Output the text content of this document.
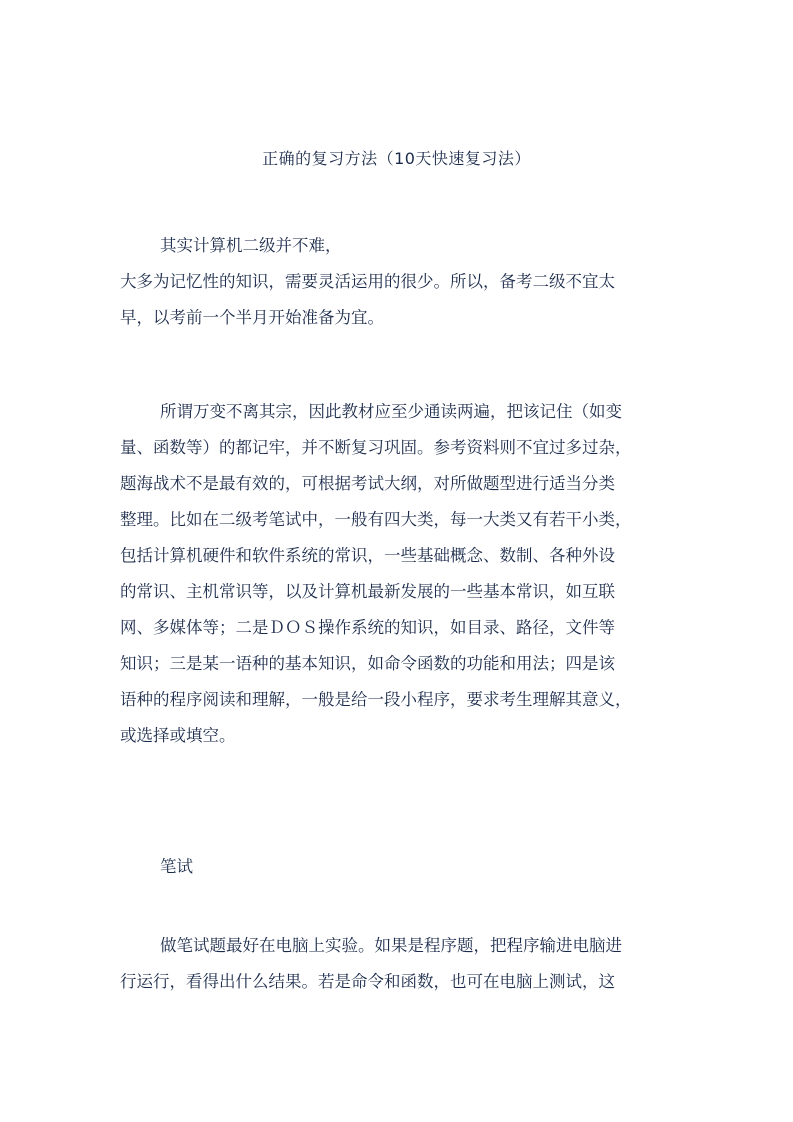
正确的复习方法（10天快速复习法）
其实计算机二级并不难，
大多为记忆性的知识，需要灵活运用的很少。所以，备考二级不宜太
早，以考前一个半月开始准备为宜。
所谓万变不离其宗，因此教材应至少通读两遍，把该记住（如变
量、函数等）的都记牢，并不断复习巩固。参考资料则不宜过多过杂，
题海战术不是最有效的，可根据考试大纲，对所做题型进行适当分类
整理。比如在二级考笔试中，一般有四大类，每一大类又有若干小类，
包括计算机硬件和软件系统的常识，一些基础概念、数制、各种外设
的常识、主机常识等，以及计算机最新发展的一些基本常识，如互联
网、多媒体等；二是ＤＯＳ操作系统的知识，如目录、路径，文件等
知识；三是某一语种的基本知识，如命令函数的功能和用法；四是该
语种的程序阅读和理解，一般是给一段小程序，要求考生理解其意义，
或选择或填空。
笔试
做笔试题最好在电脑上实验。如果是程序题，把程序输进电脑进
行运行，看得出什么结果。若是命令和函数，也可在电脑上测试，这
